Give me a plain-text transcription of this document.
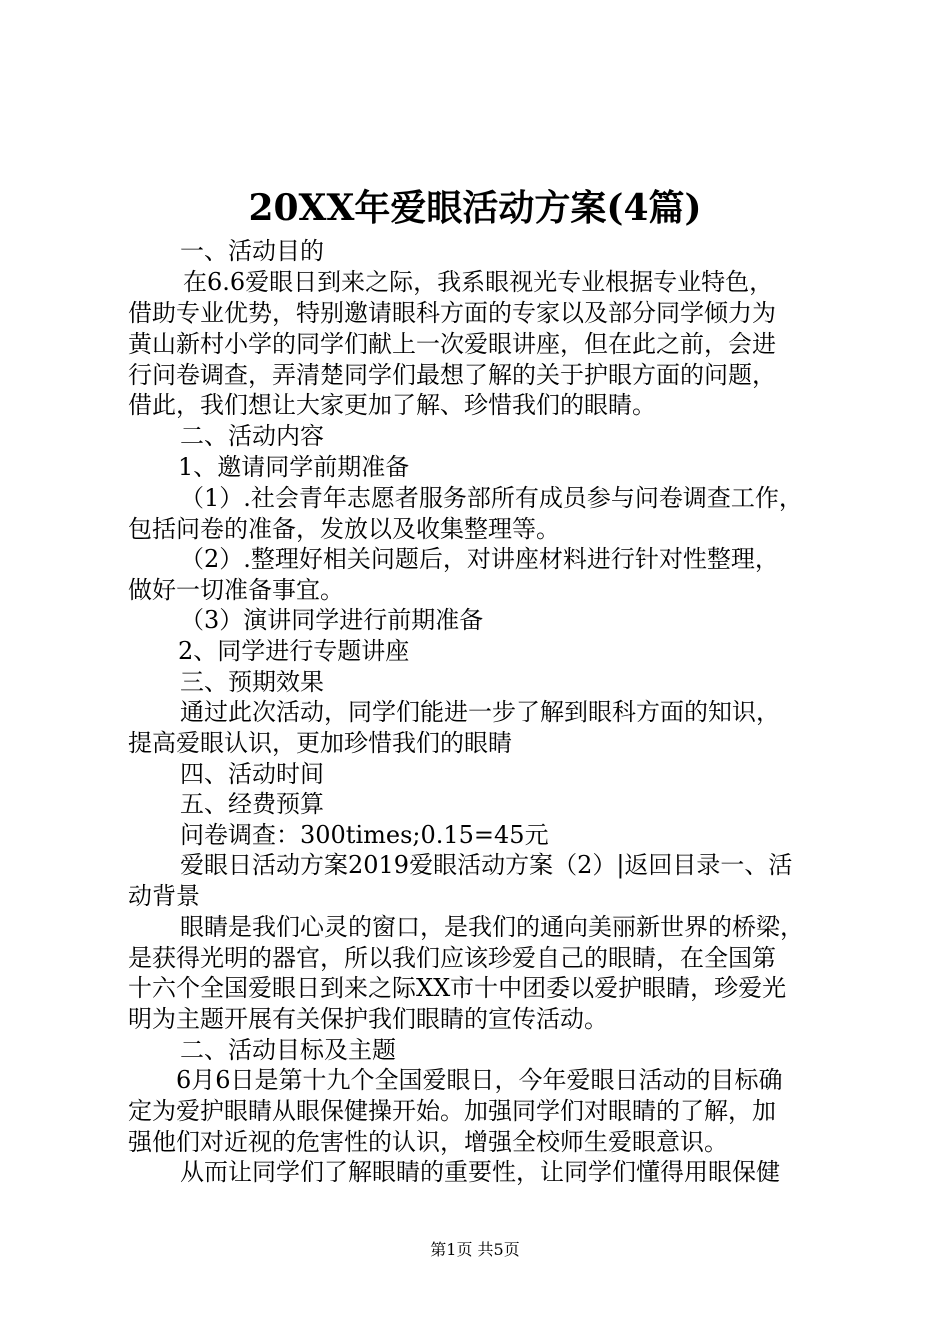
20XX年爱眼活动方案(4篇)
一、活动目的
在6.6爱眼日到来之际，我系眼视光专业根据专业特色，
借助专业优势，特别邀请眼科方面的专家以及部分同学倾力为
黄山新村小学的同学们献上一次爱眼讲座，但在此之前，会进
行问卷调查，弄清楚同学们最想了解的关于护眼方面的问题，
借此，我们想让大家更加了解、珍惜我们的眼睛。
二、活动内容
1、邀请同学前期准备
（1）.社会青年志愿者服务部所有成员参与问卷调查工作，
包括问卷的准备，发放以及收集整理等。
（2）.整理好相关问题后，对讲座材料进行针对性整理，
做好一切准备事宜。
（3）演讲同学进行前期准备
2、同学进行专题讲座
三、预期效果
通过此次活动，同学们能进一步了解到眼科方面的知识，
提高爱眼认识，更加珍惜我们的眼睛
四、活动时间
五、经费预算
问卷调查：300times;0.15=45元
爱眼日活动方案2019爱眼活动方案（2）|返回目录一、活
动背景
眼睛是我们心灵的窗口，是我们的通向美丽新世界的桥梁，
是获得光明的器官，所以我们应该珍爱自己的眼睛，在全国第
十六个全国爱眼日到来之际XX市十中团委以爱护眼睛，珍爱光
明为主题开展有关保护我们眼睛的宣传活动。
二、活动目标及主题
6月6日是第十九个全国爱眼日，今年爱眼日活动的目标确
定为爱护眼睛从眼保健操开始。加强同学们对眼睛的了解，加
强他们对近视的危害性的认识，增强全校师生爱眼意识。
从而让同学们了解眼睛的重要性，让同学们懂得用眼保健
第1页 共5页
